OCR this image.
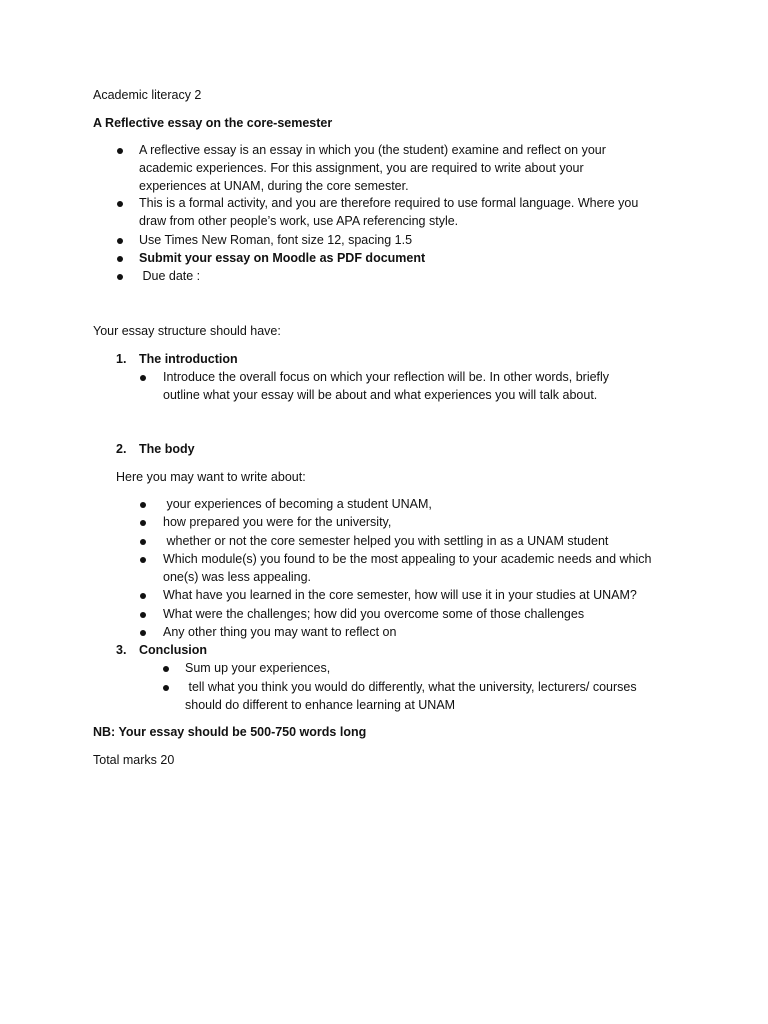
Academic literacy 2
A Reflective essay on the core-semester
A reflective essay is an essay in which you (the student) examine and reflect on your
academic experiences. For this assignment, you are required to write about your
experiences at UNAM, during the core semester.
This is a formal activity, and you are therefore required to use formal language. Where you
draw from other people’s work, use APA referencing style.
Use Times New Roman, font size 12, spacing 1.5
Submit your essay on Moodle as PDF document
Due date :
Your essay structure should have:
1. The introduction
Introduce the overall focus on which your reflection will be. In other words, briefly
outline what your essay will be about and what experiences you will talk about.
2. The body
Here you may want to write about:
your experiences of becoming a student UNAM,
how prepared you were for the university,
whether or not the core semester helped you with settling in as a UNAM student
Which module(s) you found to be the most appealing to your academic needs and which
one(s) was less appealing.
What have you learned in the core semester, how will use it in your studies at UNAM?
What were the challenges; how did you overcome some of those challenges
Any other thing you may want to reflect on
3. Conclusion
Sum up your experiences,
tell what you think you would do differently, what the university, lecturers/ courses
should do different to enhance learning at UNAM
NB: Your essay should be 500-750 words long
Total marks 20
